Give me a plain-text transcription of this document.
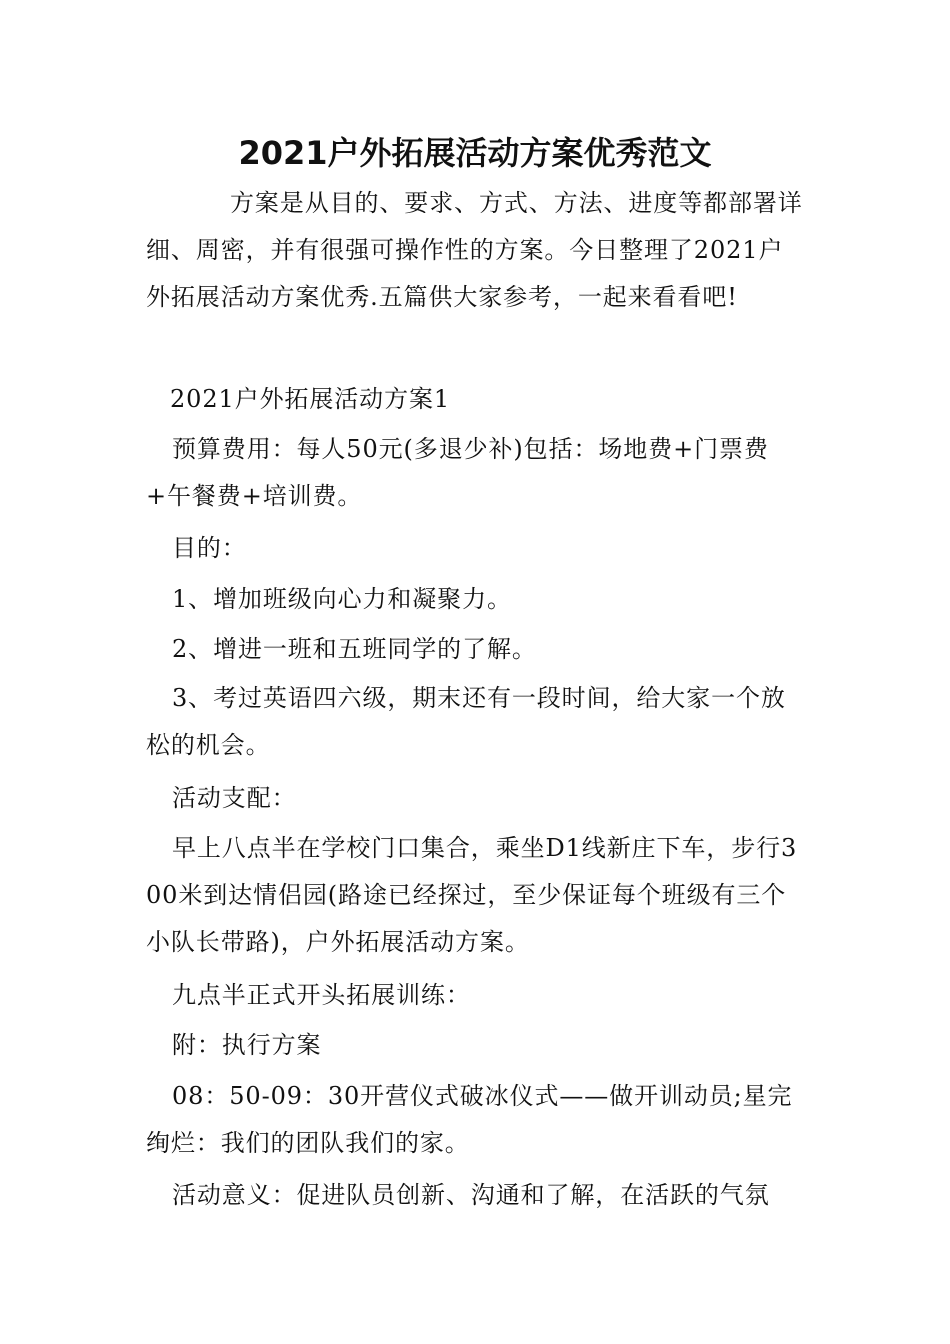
2021户外拓展活动方案优秀范文

方案是从目的、要求、方式、方法、进度等都部署详细、周密，并有很强可操作性的方案。今日整理了2021户外拓展活动方案优秀.五篇供大家参考，一起来看看吧!

2021户外拓展活动方案1

预算费用：每人50元(多退少补)包括：场地费+门票费+午餐费+培训费。

目的：

1、增加班级向心力和凝聚力。

2、增进一班和五班同学的了解。

3、考过英语四六级，期末还有一段时间，给大家一个放松的机会。

活动支配：

早上八点半在学校门口集合，乘坐D1线新庄下车，步行300米到达情侣园(路途已经探过，至少保证每个班级有三个小队长带路)，户外拓展活动方案。

九点半正式开头拓展训练：

附：执行方案

08：50-09：30开营仪式破冰仪式——做开训动员;星完绚烂：我们的团队我们的家。

活动意义：促进队员创新、沟通和了解，在活跃的气氛
